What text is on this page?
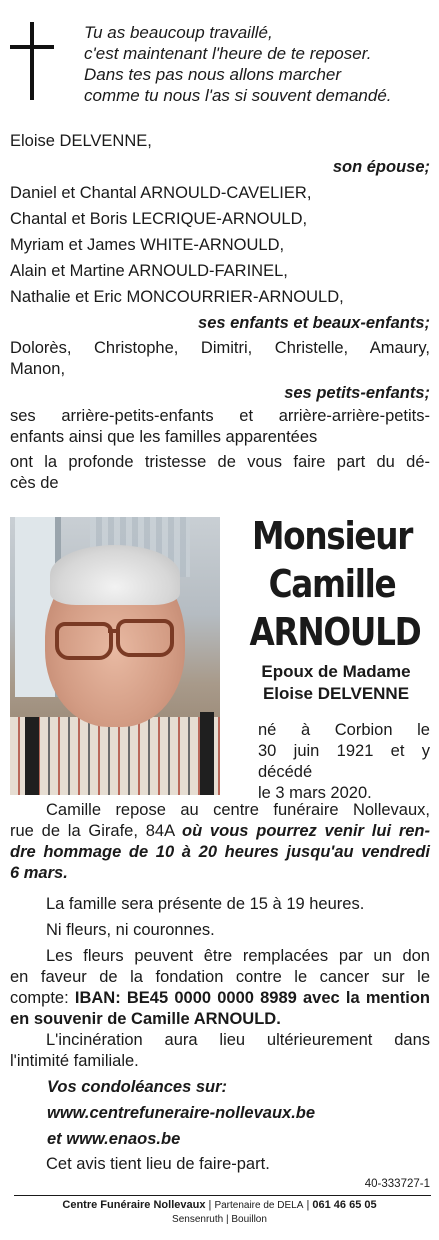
Tu as beaucoup travaillé,
c'est maintenant l'heure de te reposer.
Dans tes pas nous allons marcher
comme tu nous l'as si souvent demandé.
Eloise DELVENNE,
son épouse;
Daniel et Chantal ARNOULD-CAVELIER,
Chantal et Boris LECRIQUE-ARNOULD,
Myriam et James WHITE-ARNOULD,
Alain et Martine ARNOULD-FARINEL,
Nathalie et Eric MONCOURRIER-ARNOULD,
ses enfants et beaux-enfants;
Dolorès, Christophe, Dimitri, Christelle, Amaury,
Manon,
ses petits-enfants;
ses arrière-petits-enfants et arrière-arrière-petits-
enfants ainsi que les familles apparentées
ont la profonde tristesse de vous faire part du dé-
cès de
Monsieur
Camille
ARNOULD
Epoux de Madame
Eloise DELVENNE
né à Corbion le
30 juin 1921 et y décédé
le 3 mars 2020.
Camille repose au centre funéraire Nollevaux,
rue de la Girafe, 84A où vous pourrez venir lui ren-
dre hommage de 10 à 20 heures jusqu'au vendredi
6 mars.
La famille sera présente de 15 à 19 heures.
Ni fleurs, ni couronnes.
Les fleurs peuvent être remplacées par un don
en faveur de la fondation contre le cancer sur le
compte: IBAN: BE45 0000 0000 8989 avec la mention
en souvenir de Camille ARNOULD.
L'incinération aura lieu ultérieurement dans
l'intimité familiale.
Vos condoléances sur:
www.centrefuneraire-nollevaux.be
et www.enaos.be
Cet avis tient lieu de faire-part.
40-333727-1
Centre Funéraire Nollevaux | Partenaire de DELA | 061 46 65 05
Sensenruth | Bouillon
